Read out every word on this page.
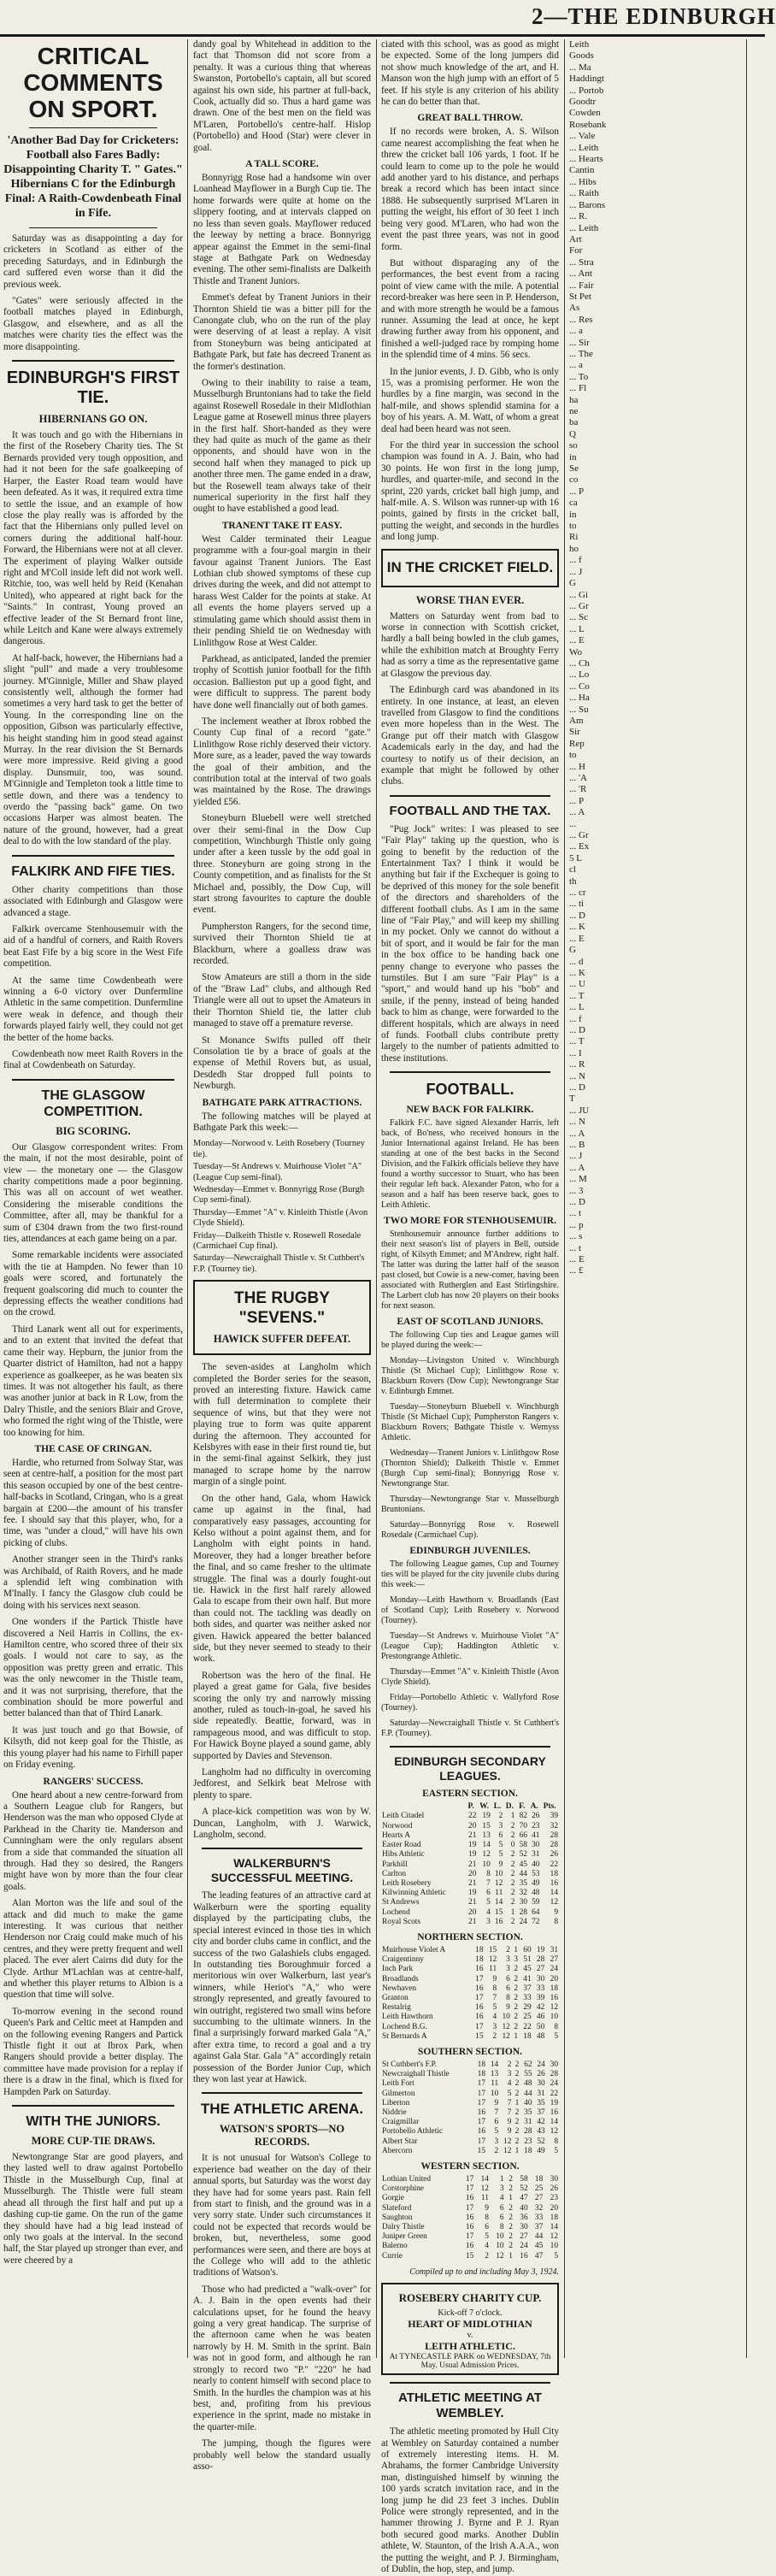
2—THE EDINBURGH
CRITICAL COMMENTS ON SPORT.
'Another Bad Day for Cricketers: Football also Fares Badly: Disappointing Charity T. " Gates." Hibernians C for the Edinburgh Final: A Raith-Cowdenbeath Final in Fife.

Saturday was as disappointing a day for cricketers in Scotland as either of the preceding Saturdays, and in Edinburgh the card suffered even worse than it did the previous week.

"Gates" were seriously affected in the football matches played in Edinburgh, Glasgow, and elsewhere, and as all the matches were charity ties the effect was the more disappointing.

EDINBURGH'S FIRST TIE.
HIBERNIANS GO ON.

It was touch and go with the Hibernians in the first of the Rosebery Charity ties. The St Bernards provided very tough opposition, and had it not been for the safe goalkeeping of Harper, the Easter Road team would have been defeated. As it was, it required extra time to settle the issue, and an example of how close the play really was is afforded by the fact that the Hibernians only pulled level on corners during the additional half-hour. Forward, the Hibernians were not at all clever. The experiment of playing Walker outside right and M'Coll inside left did not work well. Ritchie, too, was well held by Reid (Kenahan United), who appeared at right back for the "Saints." In contrast, Young proved an effective leader of the St Bernard front line, while Leitch and Kane were always extremely dangerous.

At half-back, however, the Hibernians had a slight "pull" and made a very troublesome journey. M'Ginnigle, Miller and Shaw played consistently well, although the former had sometimes a very hard task to get the better of Young. In the corresponding line on the opposition, Gibson was particularly effective, his height standing him in good stead against Murray. In the rear division the St Bernards were more impressive. Reid giving a good display. Dunsmuir, too, was sound. M'Ginnigle and Templeton took a little time to settle down, and there was a tendency to overdo the "passing back" game. On two occasions Harper was almost beaten. The nature of the ground, however, had a great deal to do with the low standard of the play.

FALKIRK AND FIFE TIES.

Other charity competitions than those associated with Edinburgh and Glasgow were advanced a stage.

Falkirk overcame Stenhousemuir with the aid of a handful of corners, and Raith Rovers beat East Fife by a big score in the West Fife competition.

At the same time Cowdenbeath were winning a 6-0 victory over Dunfermline Athletic in the same competition. Dunfermline were weak in defence, and though their forwards played fairly well, they could not get the better of the home backs.

Cowdenbeath now meet Raith Rovers in the final at Cowdenbeath on Saturday.

THE GLASGOW COMPETITION.
BIG SCORING.

Our Glasgow correspondent writes: From the main, if not the most desirable, point of view — the monetary one — the Glasgow charity competitions made a poor beginning. This was all on account of wet weather. Considering the miserable conditions the Committee, after all, may be thankful for a sum of £304 drawn from the two first-round ties, attendances at each game being on a par.

Some remarkable incidents were associated with the tie at Hampden. No fewer than 10 goals were scored, and fortunately the frequent goalscoring did much to counter the depressing effects the weather conditions had on the crowd.

Third Lanark went all out for experiments, and to an extent that invited the defeat that came their way. Hepburn, the junior from the Quarter district of Hamilton, had not a happy experience as goalkeeper, as he was beaten six times. It was not altogether his fault, as there was another junior at back in R Low, from the Dalry Thistle, and the seniors Blair and Grove, who formed the right wing of the Thistle, were too knowing for him.

THE CASE OF CRINGAN.

Hardie, who returned from Solway Star, was seen at centre-half, a position for the most part this season occupied by one of the best centre-half-backs in Scotland, Cringan, who is a great bargain at £200—the amount of his transfer fee. I should say that this player, who, for a time, was "under a cloud," will have his own picking of clubs.

Another stranger seen in the Third's ranks was Archibald, of Raith Rovers, and he made a splendid left wing combination with M'Inally. I fancy the Glasgow club could be doing with his services next season.

One wonders if the Partick Thistle have discovered a Neil Harris in Collins, the ex-Hamilton centre, who scored three of their six goals. I would not care to say, as the opposition was pretty green and erratic. This was the only newcomer in the Thistle team, and it was not surprising, therefore, that the combination should be more powerful and better balanced than that of Third Lanark.

It was just touch and go that Bowsie, of Kilsyth, did not keep goal for the Thistle, as this young player had his name to Firhill paper on Friday evening.

RANGERS' SUCCESS.

One heard about a new centre-forward from a Southern League club for Rangers, but Henderson was the man who opposed Clyde at Parkhead in the Charity tie. Manderson and Cunningham were the only regulars absent from a side that commanded the situation all through. Had they so desired, the Rangers might have won by more than the four clear goals.

Alan Morton was the life and soul of the attack and did much to make the game interesting. It was curious that neither Henderson nor Craig could make much of his centres, and they were pretty frequent and well placed. The ever alert Cairns did duty for the Clyde. Arthur M'Lachlan was at centre-half, and whether this player returns to Albion is a question that time will solve.

To-morrow evening in the second round Queen's Park and Celtic meet at Hampden and on the following evening Rangers and Partick Thistle fight it out at Ibrox Park, when Rangers should provide a better display. The committee have made provision for a replay if there is a draw in the final, which is fixed for Hampden Park on Saturday.

WITH THE JUNIORS.
MORE CUP-TIE DRAWS.

Newtongrange Star are good players, and they lasted well to draw against Portobello Thistle in the Musselburgh Cup, final at Musselburgh. The Thistle were full steam ahead all through the first half and put up a dashing cup-tie game. On the run of the game they should have had a big lead instead of only two goals at the interval. In the second half, the Star played up stronger than ever, and were cheered by a

dandy goal by Whitehead in addition to the fact that Thomson did not score from a penalty. It was a curious thing that whereas Swanston, Portobello's captain, all but scored against his own side, his partner at full-back, Cook, actually did so. Thus a hard game was drawn. One of the best men on the field was M'Laren, Portobello's centre-half. Hislop (Portobello) and Hood (Star) were clever in goal.

A TALL SCORE.

Bonnyrigg Rose had a handsome win over Loanhead Mayflower in a Burgh Cup tie. The home forwards were quite at home on the slippery footing, and at intervals clapped on no less than seven goals. Mayflower reduced the leeway by netting a brace. Bonnyrigg appear against the Emmet in the semi-final stage at Bathgate Park on Wednesday evening. The other semi-finalists are Dalkeith Thistle and Tranent Juniors.

Emmet's defeat by Tranent Juniors in their Thornton Shield tie was a bitter pill for the Canongate club, who on the run of the play were deserving of at least a replay. A visit from Stoneyburn was being anticipated at Bathgate Park, but fate has decreed Tranent as the former's destination.

Owing to their inability to raise a team, Musselburgh Bruntonians had to take the field against Rosewell Rosedale in their Midlothian League game at Rosewell minus three players in the first half. Short-handed as they were they had quite as much of the game as their opponents, and should have won in the second half when they managed to pick up another three men. The game ended in a draw, but the Rosewell team always take of their numerical superiority in the first half they ought to have established a good lead.

TRANENT TAKE IT EASY.

West Calder terminated their League programme with a four-goal margin in their favour against Tranent Juniors. The East Lothian club showed symptoms of these cup drives during the week, and did not attempt to harass West Calder for the points at stake. At all events the home players served up a stimulating game which should assist them in their pending Shield tie on Wednesday with Linlithgow Rose at West Calder.

Parkhead, as anticipated, landed the premier trophy of Scottish junior football for the fifth occasion. Ballieston put up a good fight, and were difficult to suppress. The parent body have done well financially out of both games.

The inclement weather at Ibrox robbed the County Cup final of a record "gate." Linlithgow Rose richly deserved their victory. More sure, as a leader, paved the way towards the goal of their ambition, and the contribution total at the interval of two goals was maintained by the Rose. The drawings yielded £56.

Stoneyburn Bluebell were well stretched over their semi-final in the Dow Cup competition, Winchburgh Thistle only going under after a keen tussle by the odd goal in three. Stoneyburn are going strong in the County competition, and as finalists for the St Michael and, possibly, the Dow Cup, will start strong favourites to capture the double event.

Pumpherston Rangers, for the second time, survived their Thornton Shield tie at Blackburn, where a goalless draw was recorded.

Stow Amateurs are still a thorn in the side of the "Braw Lad" clubs, and although Red Triangle were all out to upset the Amateurs in their Thornton Shield tie, the latter club managed to stave off a premature reverse.

St Monance Swifts pulled off their Consolation tie by a brace of goals at the expense of Methil Rovers but, as usual, Desdedh Star dropped full points to Newburgh.

BATHGATE PARK ATTRACTIONS.

The following matches will be played at Bathgate Park this week:—

Monday—Norwood v. Leith Rosebery (Tourney tie).
Tuesday—St Andrews v. Muirhouse Violet "A" (League Cup semi-final).
Wednesday—Emmet v. Bonnyrigg Rose (Burgh Cup semi-final).
Thursday—Emmet "A" v. Kinleith Thistle (Avon Clyde Shield).
Friday—Dalkeith Thistle v. Rosewell Rosedale (Carmichael Cup final).
Saturday—Newcraighall Thistle v. St Cuthbert's F.P. (Tourney tie).
THE RUGBY "SEVENS."
HAWICK SUFFER DEFEAT.

The seven-asides at Langholm which completed the Border series for the season, proved an interesting fixture. Hawick came with full determination to complete their sequence of wins, but that they were not playing true to form was quite apparent during the afternoon. They accounted for Kelsbyres with ease in their first round tie, but in the semi-final against Selkirk, they just managed to scrape home by the narrow margin of a single point.

On the other hand, Gala, whom Hawick came up against in the final, had comparatively easy passages, accounting for Kelso without a point against them, and for Langholm with eight points in hand. Moreover, they had a longer breather before the final, and so came fresher to the ultimate struggle. The final was a dourly fought-out tie. Hawick in the first half rarely allowed Gala to escape from their own half. But more than could not. The tackling was deadly on both sides, and quarter was neither asked nor given. Hawick appeared the better balanced side, but they never seemed to steady to their work.

Robertson was the hero of the final. He played a great game for Gala, five besides scoring the only try and narrowly missing another, ruled as touch-in-goal, he saved his side repeatedly. Beattie, forward, was in rampageous mood, and was difficult to stop. For Hawick Boyne played a sound game, ably supported by Davies and Stevenson.

Langholm had no difficulty in overcoming Jedforest, and Selkirk beat Melrose with plenty to spare.

A place-kick competition was won by W. Duncan, Langholm, with J. Warwick, Langholm, second.

WALKERBURN'S SUCCESSFUL MEETING.

The leading features of an attractive card at Walkerburn were the sporting equality displayed by the participating clubs, the special interest evinced in those ties in which city and border clubs came in conflict, and the success of the two Galashiels clubs engaged. In outstanding ties Boroughmuir forced a meritorious win over Walkerburn, last year's winners, while Heriot's "A," who were strongly represented, and greatly favoured to win outright, registered two small wins before succumbing to the ultimate winners. In the final a surprisingly forward marked Gala "A," after extra time, to record a goal and a try against Gala Star. Gala "A" accordingly retain possession of the Border Junior Cup, which they won last year at Hawick.

THE ATHLETIC ARENA.
WATSON'S SPORTS—NO RECORDS.

It is not unusual for Watson's College to experience bad weather on the day of their annual sports, but Saturday was the worst day they have had for some years past. Rain fell from start to finish, and the ground was in a very sorry state. Under such circumstances it could not be expected that records would be broken, but, nevertheless, some good performances were seen, and there are boys at the College who will add to the athletic traditions of Watson's.

Those who had predicted a "walk-over" for A. J. Bain in the open events had their calculations upset, for he found the heavy going a very great handicap. The surprise of the afternoon came when he was beaten narrowly by H. M. Smith in the sprint. Bain was not in good form, and although he ran strongly to record two "P." "220" he had nearly to content himself with second place to Smith. In the hurdles the champion was at his best, and, profiting from his previous experience in the sprint, made no mistake in the quarter-mile.

The jumping, though the figures were probably well below the standard usually asso-

ciated with this school, was as good as might be expected. Some of the long jumpers did not show much knowledge of the art, and H. Manson won the high jump with an effort of 5 feet. If his style is any criterion of his ability he can do better than that.

GREAT BALL THROW.

If no records were broken, A. S. Wilson came nearest accomplishing the feat when he threw the cricket ball 106 yards, 1 foot. If he could learn to come up to the pole he would add another yard to his distance, and perhaps break a record which has been intact since 1888. He subsequently surprised M'Laren in putting the weight, his effort of 30 feet 1 inch being very good. M'Laren, who had won the event the past three years, was not in good form.

But without disparaging any of the performances, the best event from a racing point of view came with the mile. A potential record-breaker was here seen in P. Henderson, and with more strength he would be a famous runner. Assuming the lead at once, he kept drawing further away from his opponent, and finished a well-judged race by romping home in the splendid time of 4 mins. 56 secs.

In the junior events, J. D. Gibb, who is only 15, was a promising performer. He won the hurdles by a fine margin, was second in the half-mile, and shows splendid stamina for a boy of his years. A. M. Watt, of whom a great deal had been heard was not seen.

For the third year in succession the school champion was found in A. J. Bain, who had 30 points. He won first in the long jump, hurdles, and quarter-mile, and second in the sprint, 220 yards, cricket ball high jump, and half-mile. A. S. Wilson was runner-up with 16 points, gained by firsts in the cricket ball, putting the weight, and seconds in the hurdles and long jump.

IN THE CRICKET FIELD.
WORSE THAN EVER.

Matters on Saturday went from bad to worse in connection with Scottish cricket, hardly a ball being bowled in the club games, while the exhibition match at Broughty Ferry had as sorry a time as the representative game at Glasgow the previous day.

The Edinburgh card was abandoned in its entirety. In one instance, at least, an eleven travelled from Glasgow to find the conditions even more hopeless than in the West. The Grange put off their match with Glasgow Academicals early in the day, and had the courtesy to notify us of their decision, an example that might be followed by other clubs.

FOOTBALL AND THE TAX.

"Pug Jock" writes: I was pleased to see "Fair Play" taking up the question, who is going to benefit by the reduction of the Entertainment Tax? I think it would be anything but fair if the Exchequer is going to be deprived of this money for the sole benefit of the directors and shareholders of the different football clubs. As I am in the same line of "Fair Play," and will keep my shilling in my pocket. Only we cannot do without a bit of sport, and it would be fair for the man in the box office to be handing back one penny change to everyone who passes the turnstiles. But I am sure "Fair Play" is a "sport," and would hand up his "bob" and smile, if the penny, instead of being handed back to him as change, were forwarded to the different hospitals, which are always in need of funds. Football clubs contribute pretty largely to the number of patients admitted to these institutions.

FOOTBALL.
NEW BACK FOR FALKIRK.

Falkirk F.C. have signed Alexander Harris, left back, of Bo'ness, who received honours in the Junior International against Ireland. He has been standing at one of the best backs in the Second Division, and the Falkirk officials believe they have found a worthy successor to Stuart, who has been their regular left back. Alexander Paton, who for a season and a half has been reserve back, goes to Leith Athletic.

TWO MORE FOR STENHOUSEMUIR.

Stenhousemuir announce further additions to their next season's list of players in Bell, outside right, of Kilsyth Emmet; and M'Andrew, right half. The latter was during the latter half of the season past closed, but Cowie is a new-comer, having been associated with Rutherglen and East Stirlingshire. The Larbert club has now 20 players on their books for next season.

EAST OF SCOTLAND JUNIORS.

The following Cup ties and League games will be played during the week:—

Monday—Livingston United v. Winchburgh Thistle (St Michael Cup); Linlithgow Rose v. Blackburn Rovers (Dow Cup); Newtongrange Star v. Edinburgh Emmet.

Tuesday—Stoneyburn Bluebell v. Winchburgh Thistle (St Michael Cup); Pumpherston Rangers v. Blackburn Rovers; Bathgate Thistle v. Wemyss Athletic.

Wednesday—Tranent Juniors v. Linlithgow Rose (Thornton Shield); Dalkeith Thistle v. Emmet (Burgh Cup semi-final); Bonnyrigg Rose v. Newtongrange Star.

Thursday—Newtongrange Star v. Musselburgh Bruntonians.

Saturday—Bonnyrigg Rose v. Rosewell Rosedale (Carmichael Cup).

EDINBURGH JUVENILES.

The following League games, Cup and Tourney ties will be played for the city juvenile clubs during this week:—

Monday—Leith Hawthorn v. Broadlands (East of Scotland Cup); Leith Rosebery v. Norwood (Tourney).

Tuesday—St Andrews v. Muirhouse Violet "A" (League Cup); Haddington Athletic v. Prestongrange Athletic.

Thursday—Emmet "A" v. Kinleith Thistle (Avon Clyde Shield).

Friday—Portobello Athletic v. Wallyford Rose (Tourney).

Saturday—Newcraighall Thistle v. St Cuthbert's F.P. (Tourney).

EDINBURGH SECONDARY LEAGUES.
EASTERN SECTION.
	P.	W.	L.	D.	F.	A.	Pts.
Leith Citadel	22	19	2	1	82	26	39
Norwood	20	15	3	2	70	23	32
Hearts A	21	13	6	2	66	41	28
Easter Road	19	14	5	0	58	30	28
Hibs Athletic	19	12	5	2	52	31	26
Parkhill	21	10	9	2	45	40	22
Carlton	20	8	10	2	44	53	18
Leith Rosebery	21	7	12	2	35	49	16
Kilwinning Athletic	19	6	11	2	32	48	14
St Andrews	21	5	14	2	30	59	12
Lochend	20	4	15	1	28	64	9
Royal Scots	21	3	16	2	24	72	8
NORTHERN SECTION.
Muirhouse Violet A	18	15	2	1	60	19	31
Craigentinny	18	12	3	3	51	28	27
Inch Park	16	11	3	2	45	27	24
Broadlands	17	9	6	2	41	30	20
Newhaven	16	8	6	2	37	33	18
Granton	17	7	8	2	33	39	16
Restalrig	16	5	9	2	29	42	12
Leith Hawthorn	16	4	10	2	25	46	10
Lochend B.G.	17	3	12	2	22	50	8
St Bernards A	15	2	12	1	18	48	5
SOUTHERN SECTION.
St Cuthbert's F.P.	18	14	2	2	62	24	30
Newcraighall Thistle	18	13	3	2	55	26	28
Leith Fort	17	11	4	2	48	30	24
Gilmerton	17	10	5	2	44	31	22
Liberton	17	9	7	1	40	35	19
Niddrie	16	7	7	2	35	37	16
Craigmillar	17	6	9	2	31	42	14
Portobello Athletic	16	5	9	2	28	43	12
Albert Star	17	3	12	2	23	52	8
Abercorn	15	2	12	1	18	49	5
WESTERN SECTION.
Lothian United	17	14	1	2	58	18	30
Corstorphine	17	12	3	2	52	25	26
Gorgie	16	11	4	1	47	27	23
Slateford	17	9	6	2	40	32	20
Saughton	16	8	6	2	36	33	18
Dalry Thistle	16	6	8	2	30	37	14
Juniper Green	17	5	10	2	27	44	12
Balerno	16	4	10	2	24	45	10
Currie	15	2	12	1	16	47	5

Compiled up to and including May 3, 1924.

ROSEBERY CHARITY CUP.
Kick-off 7 o'clock.
HEART OF MIDLOTHIAN
v.
LEITH ATHLETIC.
At TYNECASTLE PARK on WEDNESDAY, 7th May. Usual Admission Prices.
ATHLETIC MEETING AT WEMBLEY.

The athletic meeting promoted by Hull City at Wembley on Saturday contained a number of extremely interesting items. H. M. Abrahams, the former Cambridge University man, distinguished himself by winning the 100 yards scratch invitation race, and in the long jump he did 23 feet 3 inches. Dublin Police were strongly represented, and in the hammer throwing J. Byrne and P. J. Ryan both secured good marks. Another Dublin athlete, W. Staunton, of the Irish A.A.A., won the putting the weight, and P. J. Birmingham, of Dublin, the hop, step, and jump.

Leith
Goods
... Ma
Haddingt
... Portob
Goodtr
Cowden
Rosebank
... Vale
... Leith
... Hearts
Cantin
... Hibs
... Raith
... Barons
... R.
... Leith
Art
For
... Stra
... Ant
... Fair
St Pet
As
... Res
... a
... Sir
... The
... a
... To
... Fl
ha
ne
ba
Q
so
in
Se
co
... P
ca
in
to
Ri
ho
... f
... J
G
... Gi
... Gr
... Sc
... L
... E
Wo
... Ch
... Lo
... Co
... Ha
... Su
Am
Sir
Rep
to
... H
... 'A
... 'R
... P
... A
...
... Gr
... Ex
5 L
cl
th
... cr
... ti
... D
... K
... E
G
... d
... K
... U
... T
... L
... f
... D
... T
... I
... R
... N
... D
T
... JU
... N
... A
... B
... J
... A
... M
... 3
... D
... t
... p
... s
... t
... E
... £
